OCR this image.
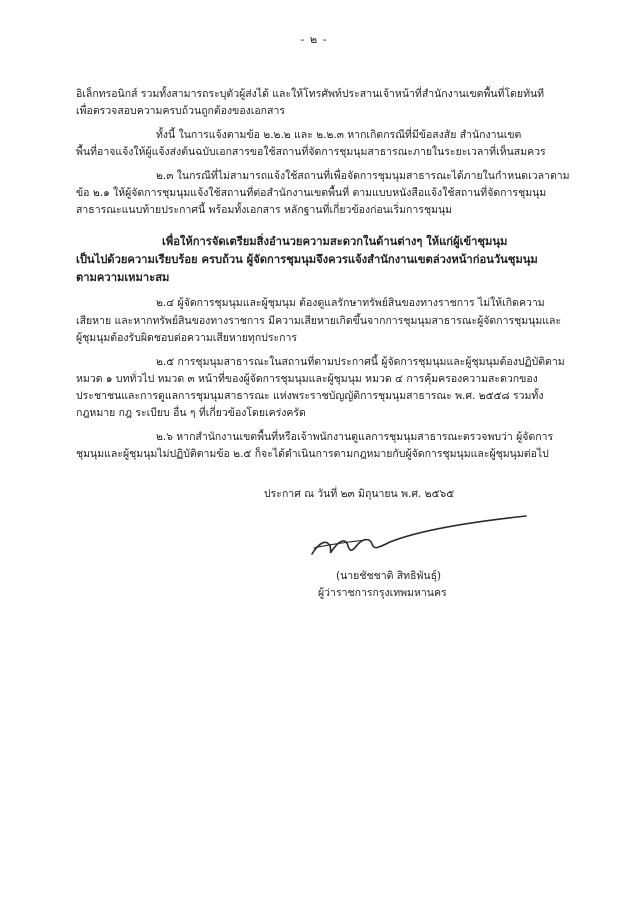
- ๒ -
อิเล็กทรอนิกส์ รวมทั้งสามารถระบุตัวผู้ส่งได้ และให้โทรศัพท์ประสานเจ้าหน้าที่สำนักงานเขตพื้นที่โดยทันที
เพื่อตรวจสอบความครบถ้วนถูกต้องของเอกสาร
ทั้งนี้ ในการแจ้งตามข้อ ๒.๒.๒ และ ๒.๒.๓ หากเกิดกรณีที่มีข้อสงสัย สำนักงานเขต
พื้นที่อาจแจ้งให้ผู้แจ้งส่งต้นฉบับเอกสารขอใช้สถานที่จัดการชุมนุมสาธารณะภายในระยะเวลาที่เห็นสมควร
๒.๓ ในกรณีที่ไม่สามารถแจ้งใช้สถานที่เพื่อจัดการชุมนุมสาธารณะได้ภายในกำหนดเวลาตาม
ข้อ ๒.๑ ให้ผู้จัดการชุมนุมแจ้งใช้สถานที่ต่อสำนักงานเขตพื้นที่ ตามแบบหนังสือแจ้งใช้สถานที่จัดการชุมนุม
สาธารณะแนบท้ายประกาศนี้ พร้อมทั้งเอกสาร หลักฐานที่เกี่ยวข้องก่อนเริ่มการชุมนุม
เพื่อให้การจัดเตรียมสิ่งอำนวยความสะดวกในด้านต่างๆ ให้แก่ผู้เข้าชุมนุม
เป็นไปด้วยความเรียบร้อย ครบถ้วน ผู้จัดการชุมนุมจึงควรแจ้งสำนักงานเขตล่วงหน้าก่อนวันชุมนุม
ตามความเหมาะสม
๒.๔ ผู้จัดการชุมนุมและผู้ชุมนุม ต้องดูแลรักษาทรัพย์สินของทางราชการ ไม่ให้เกิดความ
เสียหาย และหากทรัพย์สินของทางราชการ มีความเสียหายเกิดขึ้นจากการชุมนุมสาธารณะผู้จัดการชุมนุมและ
ผู้ชุมนุมต้องรับผิดชอบต่อความเสียหายทุกประการ
๒.๕ การชุมนุมสาธารณะในสถานที่ตามประกาศนี้ ผู้จัดการชุมนุมและผู้ชุมนุมต้องปฏิบัติตาม
หมวด ๑ บททั่วไป หมวด ๓ หน้าที่ของผู้จัดการชุมนุมและผู้ชุมนุม หมวด ๔ การคุ้มครองความสะดวกของ
ประชาชนและการดูแลการชุมนุมสาธารณะ แห่งพระราชบัญญัติการชุมนุมสาธารณะ พ.ศ. ๒๕๕๘ รวมทั้ง
กฎหมาย กฎ ระเบียบ อื่น ๆ ที่เกี่ยวข้องโดยเคร่งครัด
๒.๖ หากสำนักงานเขตพื้นที่หรือเจ้าพนักงานดูแลการชุมนุมสาธารณะตรวจพบว่า ผู้จัดการ
ชุมนุมและผู้ชุมนุมไม่ปฏิบัติตามข้อ ๒.๕ ก็จะได้ดำเนินการตามกฎหมายกับผู้จัดการชุมนุมและผู้ชุมนุมต่อไป
ประกาศ ณ วันที่ ๒๓ มิถุนายน พ.ศ. ๒๕๖๕
(นายชัชชาติ สิทธิพันธุ์)
ผู้ว่าราชการกรุงเทพมหานคร
